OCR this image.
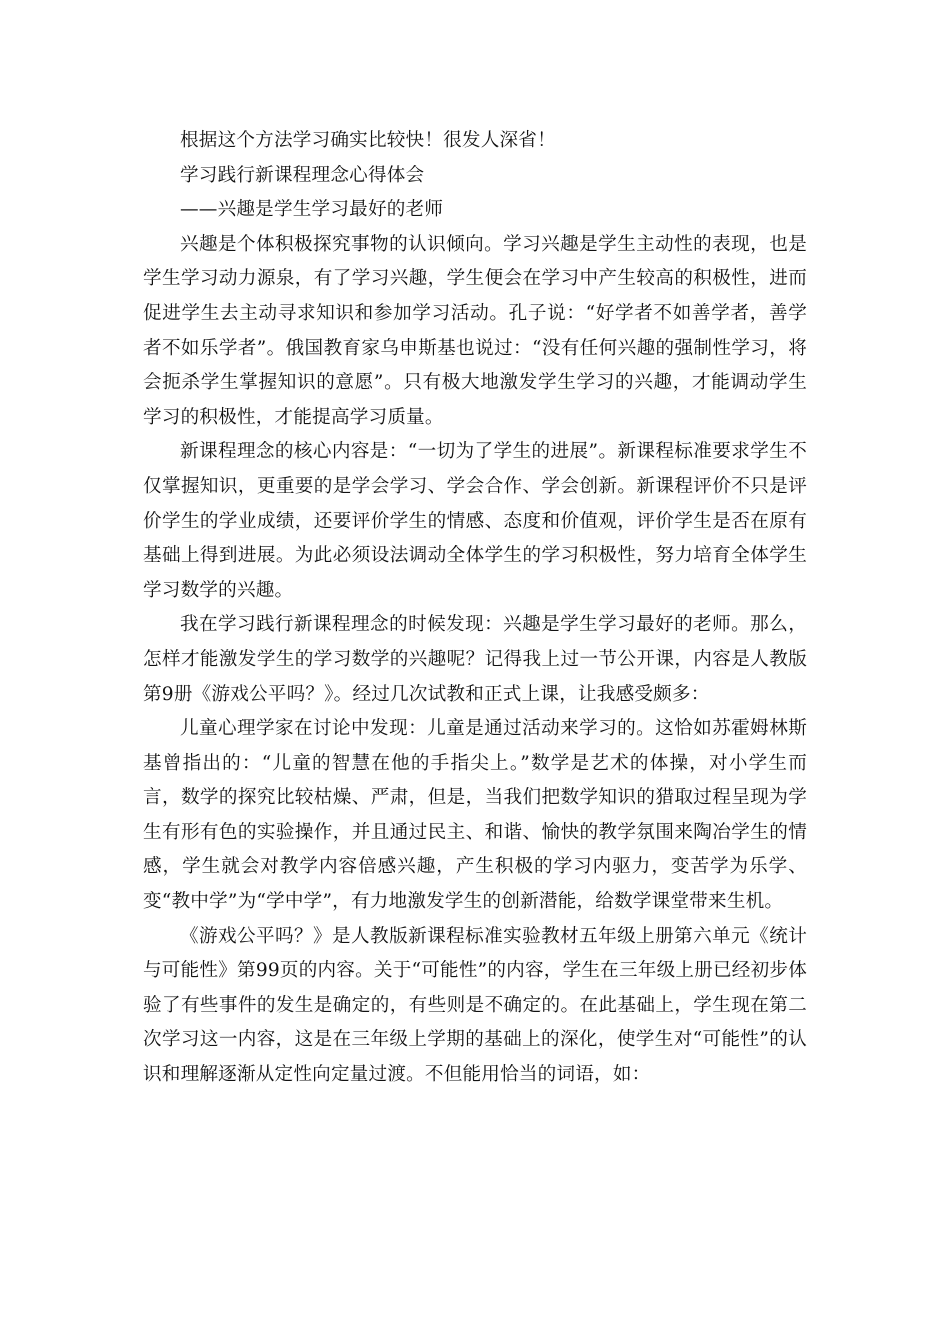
根据这个方法学习确实比较快！很发人深省！

学习践行新课程理念心得体会

——兴趣是学生学习最好的老师

兴趣是个体积极探究事物的认识倾向。学习兴趣是学生主动性的表现，也是学生学习动力源泉，有了学习兴趣，学生便会在学习中产生较高的积极性，进而促进学生去主动寻求知识和参加学习活动。孔子说：“好学者不如善学者，善学者不如乐学者”。俄国教育家乌申斯基也说过：“没有任何兴趣的强制性学习，将会扼杀学生掌握知识的意愿”。只有极大地激发学生学习的兴趣，才能调动学生学习的积极性，才能提高学习质量。

新课程理念的核心内容是：“一切为了学生的进展”。新课程标准要求学生不仅掌握知识，更重要的是学会学习、学会合作、学会创新。新课程评价不只是评价学生的学业成绩，还要评价学生的情感、态度和价值观，评价学生是否在原有基础上得到进展。为此必须设法调动全体学生的学习积极性，努力培育全体学生学习数学的兴趣。

我在学习践行新课程理念的时候发现：兴趣是学生学习最好的老师。那么，怎样才能激发学生的学习数学的兴趣呢？记得我上过一节公开课，内容是人教版第9册《游戏公平吗？》。经过几次试教和正式上课，让我感受颇多：

儿童心理学家在讨论中发现：儿童是通过活动来学习的。这恰如苏霍姆林斯基曾指出的：“儿童的智慧在他的手指尖上。”数学是艺术的体操，对小学生而言，数学的探究比较枯燥、严肃，但是，当我们把数学知识的猎取过程呈现为学生有形有色的实验操作，并且通过民主、和谐、愉快的教学氛围来陶冶学生的情感，学生就会对教学内容倍感兴趣，产生积极的学习内驱力，变苦学为乐学、变“教中学”为“学中学”，有力地激发学生的创新潜能，给数学课堂带来生机。

《游戏公平吗？》是人教版新课程标准实验教材五年级上册第六单元《统计与可能性》第99页的内容。关于“可能性”的内容，学生在三年级上册已经初步体验了有些事件的发生是确定的，有些则是不确定的。在此基础上，学生现在第二次学习这一内容，这是在三年级上学期的基础上的深化，使学生对“可能性”的认识和理解逐渐从定性向定量过渡。不但能用恰当的词语，如：
